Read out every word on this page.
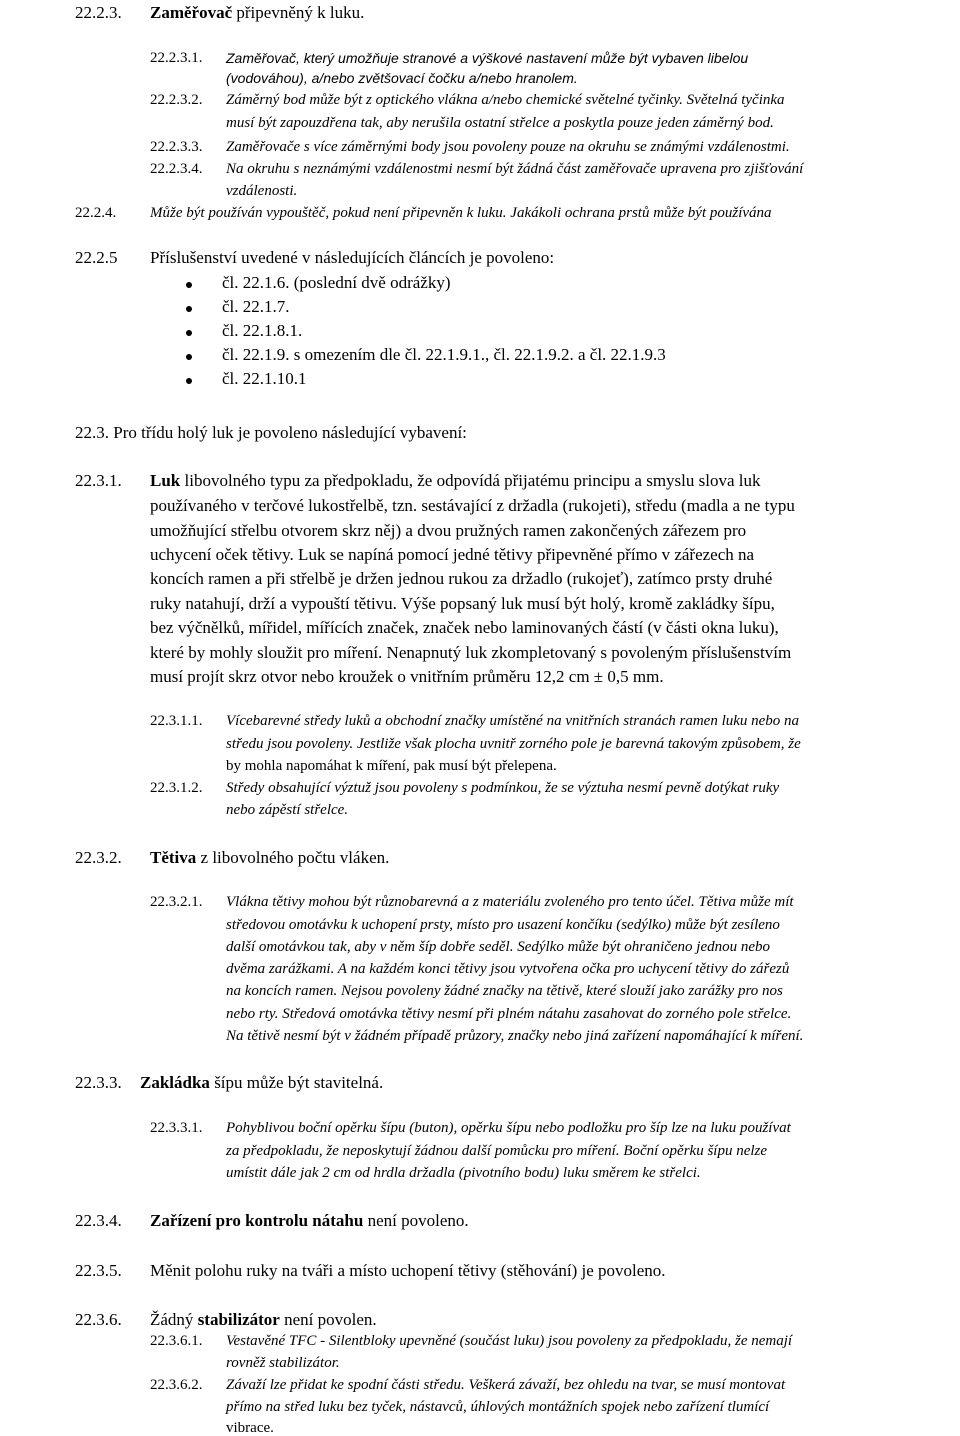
22.2.3. Zaměřovač připevněný k luku.
22.2.3.1. Zaměřovač, který umožňuje stranové a výškové nastavení může být vybaven libelou
(vodováhou), a/nebo zvětšovací čočku a/nebo hranolem.
22.2.3.2. Záměrný bod může být z optického vlákna a/nebo chemické světelné tyčinky. Světelná tyčinka
musí být zapouzdřena tak, aby nerušila ostatní střelce a poskytla pouze jeden záměrný bod.
22.2.3.3. Zaměřovače s více záměrnými body jsou povoleny pouze na okruhu se známými vzdálenostmi.
22.2.3.4. Na okruhu s neznámými vzdálenostmi nesmí být žádná část zaměřovače upravena pro zjišťování
vzdálenosti.
22.2.4. Může být používán vypouštěč, pokud není připevněn k luku. Jakákoli ochrana prstů může být používána
22.2.5 Příslušenství uvedené v následujících článcích je povoleno:
čl. 22.1.6. (poslední dvě odrážky)
čl. 22.1.7.
čl. 22.1.8.1.
čl. 22.1.9. s omezením dle čl. 22.1.9.1., čl. 22.1.9.2. a čl. 22.1.9.3
čl. 22.1.10.1
22.3. Pro třídu holý luk je povoleno následující vybavení:
22.3.1. Luk libovolného typu za předpokladu, že odpovídá přijatému principu a smyslu slova luk
používaného v terčové lukostřelbě, tzn. sestávající z držadla (rukojeti), středu (madla a ne typu
umožňující střelbu otvorem skrz něj) a dvou pružných ramen zakončených zářezem pro
uchycení oček tětivy. Luk se napíná pomocí jedné tětivy připevněné přímo v zářezech na
koncích ramen a při střelbě je držen jednou rukou za držadlo (rukojeť), zatímco prsty druhé
ruky natahují, drží a vypouští tětivu. Výše popsaný luk musí být holý, kromě zakládky šípu,
bez výčnělků, mířidel, mířících značek, značek nebo laminovaných částí (v části okna luku),
které by mohly sloužit pro míření. Nenapnutý luk zkompletovaný s povoleným příslušenstvím
musí projít skrz otvor nebo kroužek o vnitřním průměru 12,2 cm ± 0,5 mm.
22.3.1.1. Vícebarevné středy luků a obchodní značky umístěné na vnitřních stranách ramen luku nebo na
středu jsou povoleny. Jestliže však plocha uvnitř zorného pole je barevná takovým způsobem, že
by mohla napomáhat k míření, pak musí být přelepena.
22.3.1.2. Středy obsahující výztuž jsou povoleny s podmínkou, že se výztuha nesmí pevně dotýkat ruky
nebo zápěstí střelce.
22.3.2. Tětiva z libovolného počtu vláken.
22.3.2.1. Vlákna tětivy mohou být různobarevná a z materiálu zvoleného pro tento účel. Tětiva může mít
středovou omotávku k uchopení prsty, místo pro usazení končíku (sedýlko) může být zesíleno
další omotávkou tak, aby v něm šíp dobře seděl. Sedýlko může být ohraničeno jednou nebo
dvěma zarážkami. A na každém konci tětivy jsou vytvořena očka pro uchycení tětivy do zářezů
na koncích ramen. Nejsou povoleny žádné značky na tětivě, které slouží jako zarážky pro nos
nebo rty. Středová omotávka tětivy nesmí při plném nátahu zasahovat do zorného pole střelce.
Na tětivě nesmí být v žádném případě průzory, značky nebo jiná zařízení napomáhající k míření.
22.3.3. Zakládka šípu může být stavitelná.
22.3.3.1. Pohyblivou boční opěrku šípu (buton), opěrku šípu nebo podložku pro šíp lze na luku používat
za předpokladu, že neposkytují žádnou další pomůcku pro míření. Boční opěrku šípu nelze
umístit dále jak 2 cm od hrdla držadla (pivotního bodu) luku směrem ke střelci.
22.3.4. Zařízení pro kontrolu nátahu není povoleno.
22.3.5. Měnit polohu ruky na tváři a místo uchopení tětivy (stěhování) je povoleno.
22.3.6. Žádný stabilizátor není povolen.
22.3.6.1. Vestavěné TFC - Silentbloky upevněné (součást luku) jsou povoleny za předpokladu, že nemají
rovněž stabilizátor.
22.3.6.2. Závaží lze přidat ke spodní části středu. Veškerá závaží, bez ohledu na tvar, se musí montovat
přímo na střed luku bez tyček, nástavců, úhlových montážních spojek nebo zařízení tlumící
vibrace.
